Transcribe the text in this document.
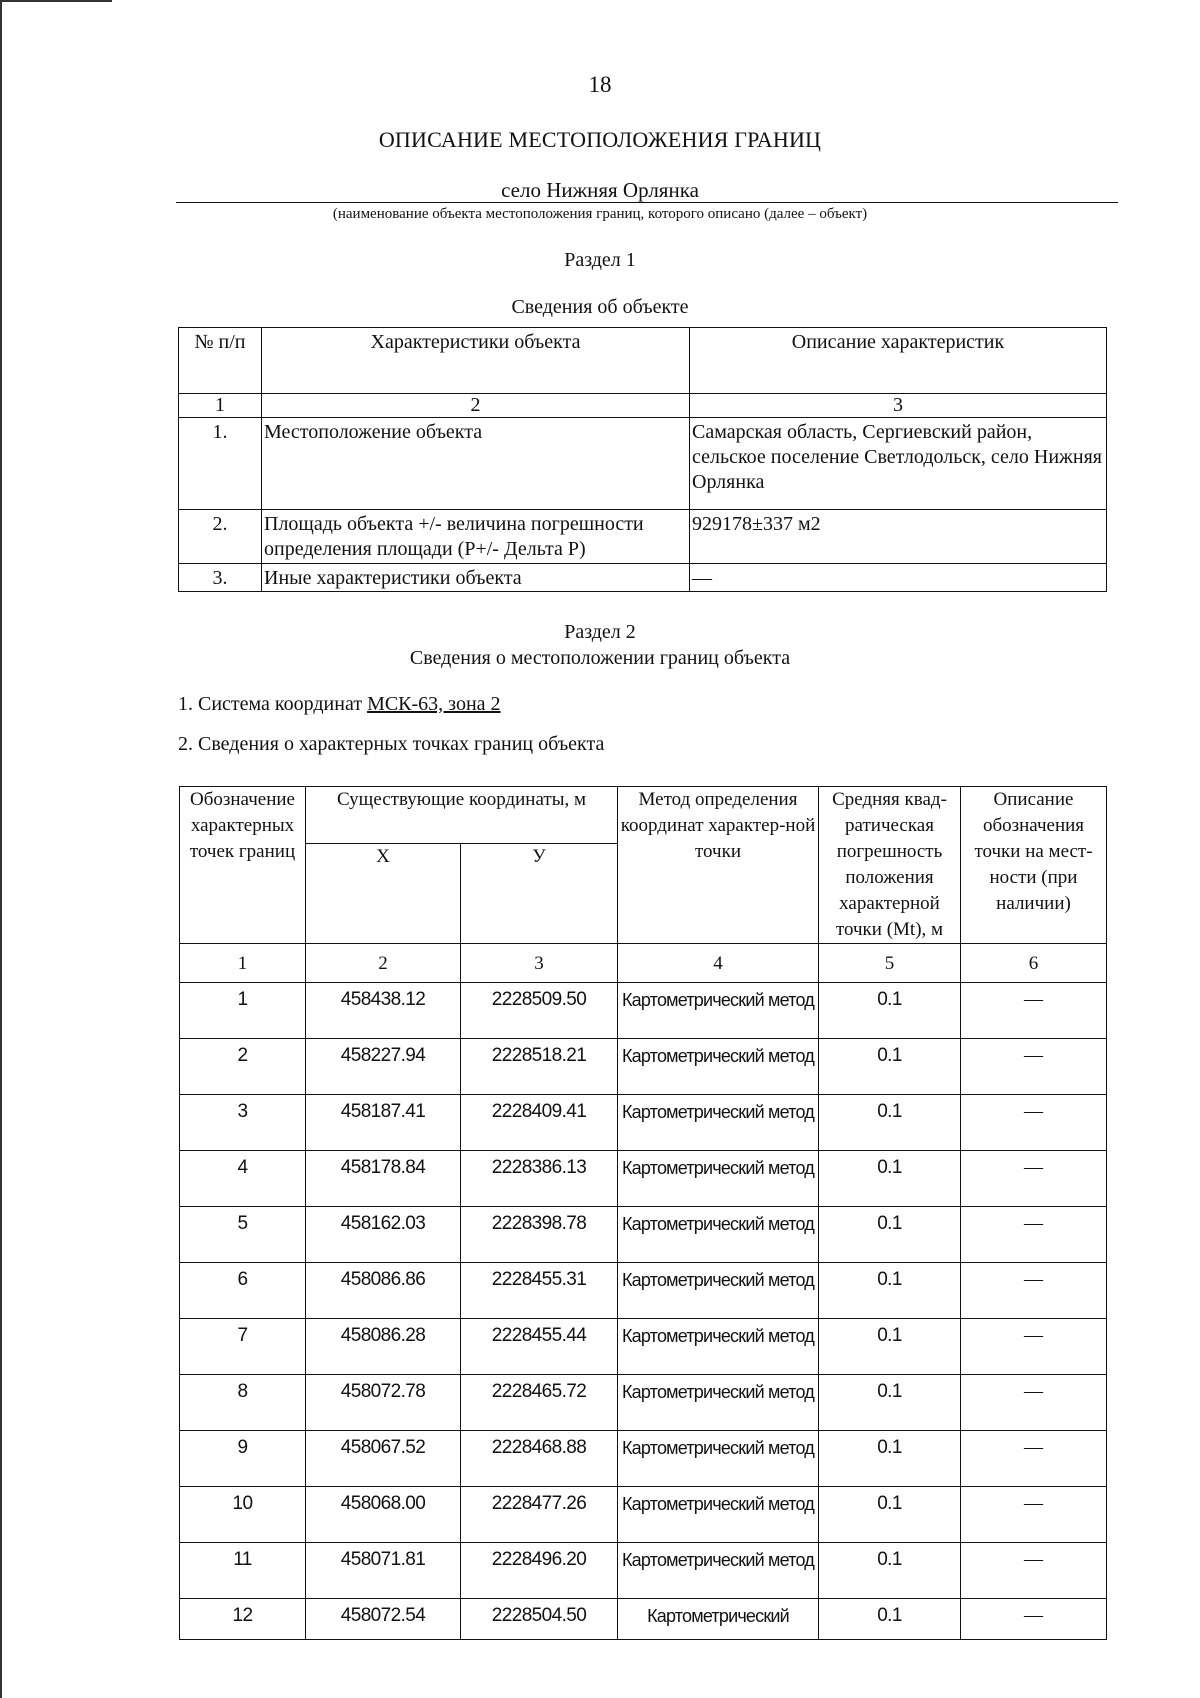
18
ОПИСАНИЕ МЕСТОПОЛОЖЕНИЯ ГРАНИЦ
село Нижняя Орлянка
(наименование объекта местоположения границ, которого описано (далее – объект)
Раздел 1
Сведения об объекте
№ п/п	Характеристики объекта	Описание характеристик
1	2	3
1.	Местоположение объекта	Самарская область, Сергиевский район, сельское поселение Светлодольск, село Нижняя Орлянка
2.	Площадь объекта +/- величина погрешности определения площади (Р+/- Дельта Р)	929178±337 м2
3.	Иные характеристики объекта	—
Раздел 2
Сведения о местоположении границ объекта
1. Система координат МСК-63, зона 2
2. Сведения о характерных точках границ объекта
Обозначение характерных точек границ	Существующие координаты, м		Метод определения координат характер-ной точки	Средняя квад-ратическая погрешность положения характерной точки (Mt), м	Описание обозначения точки на мест-ности (при наличии)
	X	У			
1	2	3	4	5	6
1	458438.12	2228509.50	Картометрический метод	0.1	—
2	458227.94	2228518.21	Картометрический метод	0.1	—
3	458187.41	2228409.41	Картометрический метод	0.1	—
4	458178.84	2228386.13	Картометрический метод	0.1	—
5	458162.03	2228398.78	Картометрический метод	0.1	—
6	458086.86	2228455.31	Картометрический метод	0.1	—
7	458086.28	2228455.44	Картометрический метод	0.1	—
8	458072.78	2228465.72	Картометрический метод	0.1	—
9	458067.52	2228468.88	Картометрический метод	0.1	—
10	458068.00	2228477.26	Картометрический метод	0.1	—
11	458071.81	2228496.20	Картометрический метод	0.1	—
12	458072.54	2228504.50	Картометрический	0.1	—
